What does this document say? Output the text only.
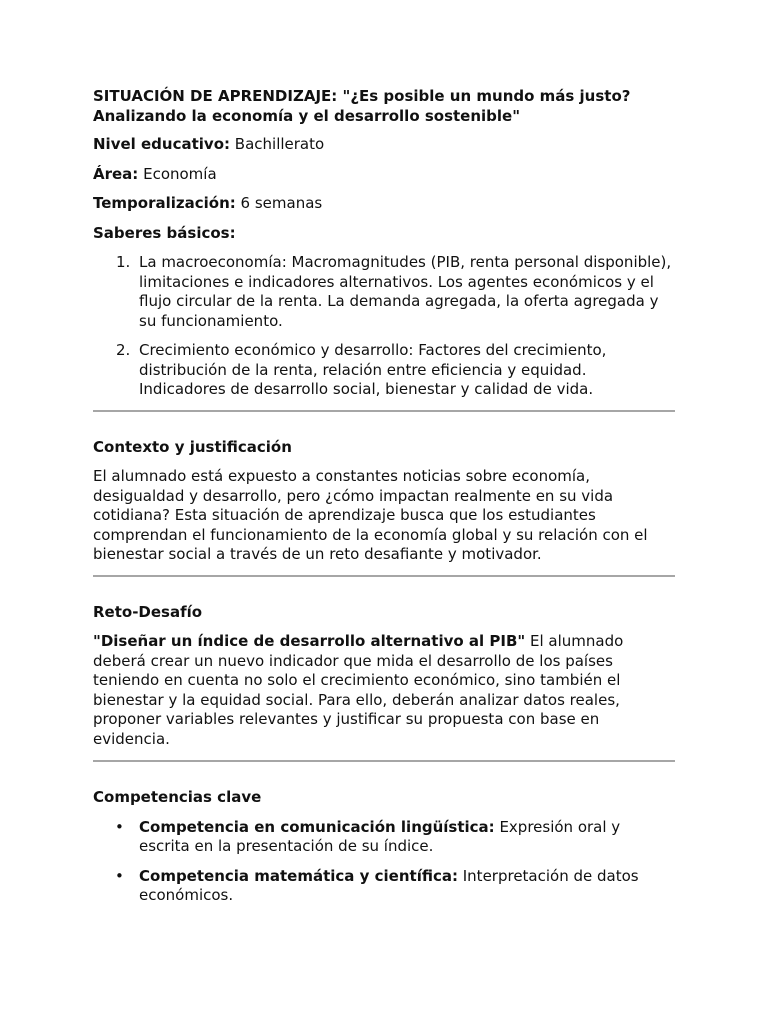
SITUACIÓN DE APRENDIZAJE: "¿Es posible un mundo más justo? Analizando la economía y el desarrollo sostenible"

Nivel educativo: Bachillerato

Área: Economía

Temporalización: 6 semanas

Saberes básicos:

1. La macroeconomía: Macromagnitudes (PIB, renta personal disponible), limitaciones e indicadores alternativos. Los agentes económicos y el flujo circular de la renta. La demanda agregada, la oferta agregada y su funcionamiento.
2. Crecimiento económico y desarrollo: Factores del crecimiento, distribución de la renta, relación entre eficiencia y equidad. Indicadores de desarrollo social, bienestar y calidad de vida.

Contexto y justificación

El alumnado está expuesto a constantes noticias sobre economía, desigualdad y desarrollo, pero ¿cómo impactan realmente en su vida cotidiana? Esta situación de aprendizaje busca que los estudiantes comprendan el funcionamiento de la economía global y su relación con el bienestar social a través de un reto desafiante y motivador.

Reto-Desafío

"Diseñar un índice de desarrollo alternativo al PIB" El alumnado deberá crear un nuevo indicador que mida el desarrollo de los países teniendo en cuenta no solo el crecimiento económico, sino también el bienestar y la equidad social. Para ello, deberán analizar datos reales, proponer variables relevantes y justificar su propuesta con base en evidencia.

Competencias clave

• Competencia en comunicación lingüística: Expresión oral y escrita en la presentación de su índice.
• Competencia matemática y científica: Interpretación de datos económicos.
